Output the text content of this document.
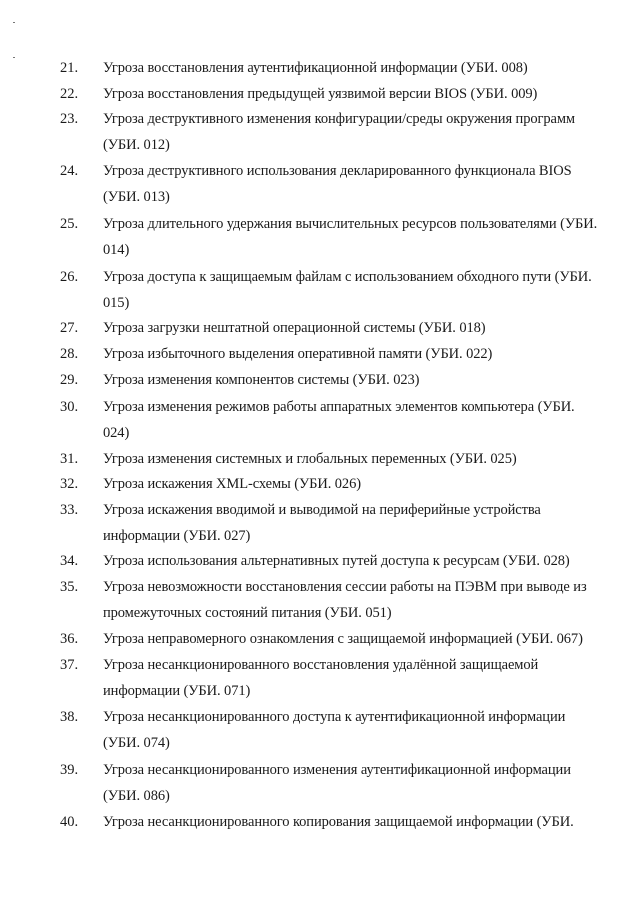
21. Угроза восстановления аутентификационной информации (УБИ. 008)
22. Угроза восстановления предыдущей уязвимой версии BIOS (УБИ. 009)
23. Угроза деструктивного изменения конфигурации/среды окружения программ (УБИ. 012)
24. Угроза деструктивного использования декларированного функционала BIOS (УБИ. 013)
25. Угроза длительного удержания вычислительных ресурсов пользователями (УБИ. 014)
26. Угроза доступа к защищаемым файлам с использованием обходного пути (УБИ. 015)
27. Угроза загрузки нештатной операционной системы (УБИ. 018)
28. Угроза избыточного выделения оперативной памяти (УБИ. 022)
29. Угроза изменения компонентов системы (УБИ. 023)
30. Угроза изменения режимов работы аппаратных элементов компьютера (УБИ. 024)
31. Угроза изменения системных и глобальных переменных (УБИ. 025)
32. Угроза искажения XML-схемы (УБИ. 026)
33. Угроза искажения вводимой и выводимой на периферийные устройства информации (УБИ. 027)
34. Угроза использования альтернативных путей доступа к ресурсам (УБИ. 028)
35. Угроза невозможности восстановления сессии работы на ПЭВМ при выводе из промежуточных состояний питания (УБИ. 051)
36. Угроза неправомерного ознакомления с защищаемой информацией (УБИ. 067)
37. Угроза несанкционированного восстановления удалённой защищаемой информации (УБИ. 071)
38. Угроза несанкционированного доступа к аутентификационной информации (УБИ. 074)
39. Угроза несанкционированного изменения аутентификационной информации (УБИ. 086)
40. Угроза несанкционированного копирования защищаемой информации (УБИ.
